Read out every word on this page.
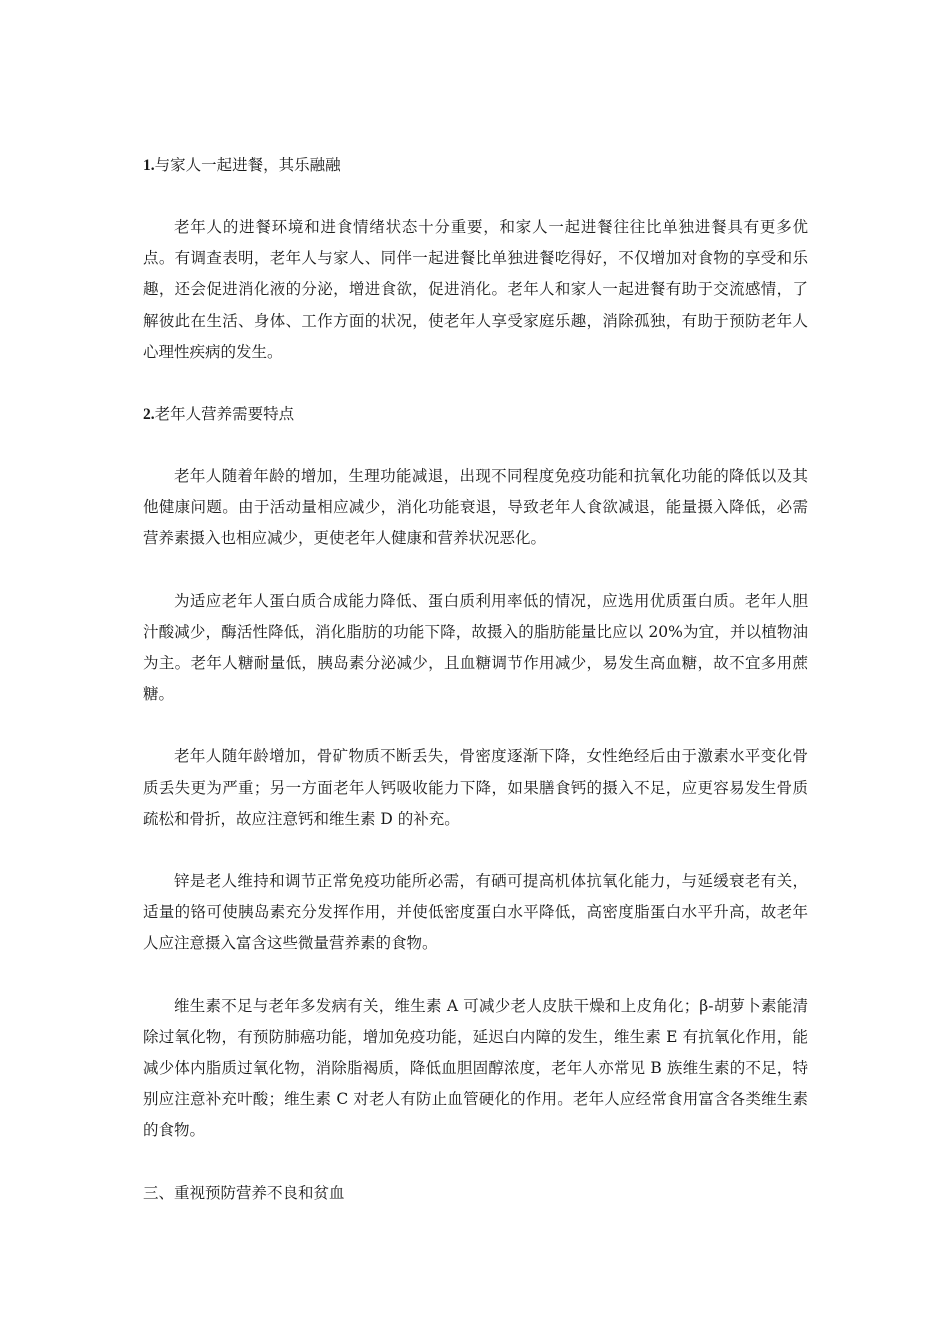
1.与家人一起进餐，其乐融融

老年人的进餐环境和进食情绪状态十分重要，和家人一起进餐往往比单独进餐具有更多优点。有调查表明，老年人与家人、同伴一起进餐比单独进餐吃得好，不仅增加对食物的享受和乐趣，还会促进消化液的分泌，增进食欲，促进消化。老年人和家人一起进餐有助于交流感情，了解彼此在生活、身体、工作方面的状况，使老年人享受家庭乐趣，消除孤独，有助于预防老年人心理性疾病的发生。

2.老年人营养需要特点

老年人随着年龄的增加，生理功能减退，出现不同程度免疫功能和抗氧化功能的降低以及其他健康问题。由于活动量相应减少，消化功能衰退，导致老年人食欲减退，能量摄入降低，必需营养素摄入也相应减少，更使老年人健康和营养状况恶化。

为适应老年人蛋白质合成能力降低、蛋白质利用率低的情况，应选用优质蛋白质。老年人胆汁酸减少，酶活性降低，消化脂肪的功能下降，故摄入的脂肪能量比应以 20%为宜，并以植物油为主。老年人糖耐量低，胰岛素分泌减少，且血糖调节作用减少，易发生高血糖，故不宜多用蔗糖。

老年人随年龄增加，骨矿物质不断丢失，骨密度逐渐下降，女性绝经后由于激素水平变化骨质丢失更为严重；另一方面老年人钙吸收能力下降，如果膳食钙的摄入不足，应更容易发生骨质疏松和骨折，故应注意钙和维生素 D 的补充。

锌是老人维持和调节正常免疫功能所必需，有硒可提高机体抗氧化能力，与延缓衰老有关，适量的铬可使胰岛素充分发挥作用，并使低密度蛋白水平降低，高密度脂蛋白水平升高，故老年人应注意摄入富含这些微量营养素的食物。

维生素不足与老年多发病有关，维生素 A 可减少老人皮肤干燥和上皮角化；β-胡萝卜素能清除过氧化物，有预防肺癌功能，增加免疫功能，延迟白内障的发生，维生素 E 有抗氧化作用，能减少体内脂质过氧化物，消除脂褐质，降低血胆固醇浓度，老年人亦常见 B 族维生素的不足，特别应注意补充叶酸；维生素 C 对老人有防止血管硬化的作用。老年人应经常食用富含各类维生素的食物。

三、重视预防营养不良和贫血
